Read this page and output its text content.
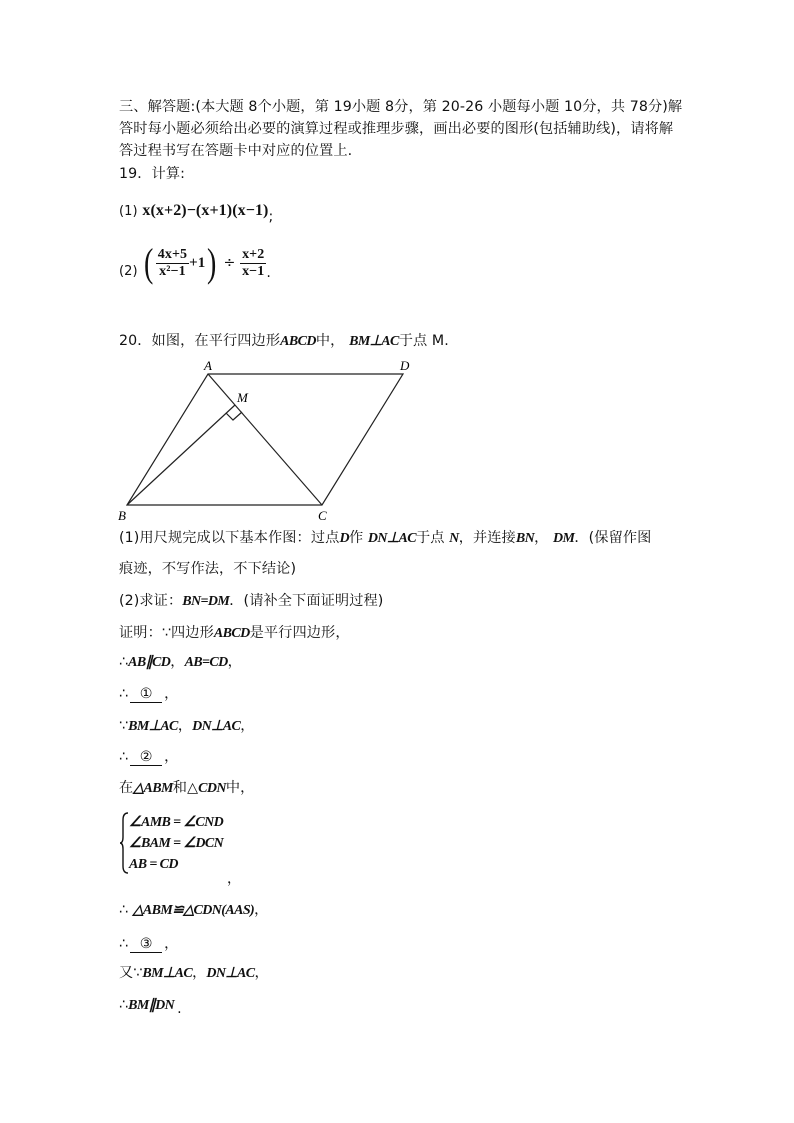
三、解答题:(本大题 8个小题，第 19小题 8分，第 20-26 小题每小题 10分，共 78分)解
答时每小题必须给出必要的演算过程或推理步骤，画出必要的图形(包括辅助线)，请将解
答过程书写在答题卡中对应的位置上.
19．计算:
(1) x(x+2)−(x+1)(x−1);
(2) ( $\frac{4x+5}{\text{x²−1}} +1) \div \frac{x+2}{x-1}$ .
20．如图，在平行四边形ABCD中， BM⊥AC于点 M.
A	D
B	C
M
(1)用尺规完成以下基本作图：过点D作 DN⊥AC于点 N，并连接BN， DM．(保留作图
痕迹，不写作法，不下结论)
(2)求证：BN=DM．(请补全下面证明过程)
证明：∵四边形ABCD是平行四边形，
∴AB∥CD，AB=CD，
∴ ① ，
∵BM⊥AC，DN⊥AC，
∴ ② ，
在△ABM和△CDN中，
∠AMB = ∠CND
∠BAM = ∠DCN
AB = CD
，
∴ △ABM≌△CDN(AAS)，
∴ ③ ，
又∵BM⊥AC，DN⊥AC，
∴BM∥DN .
